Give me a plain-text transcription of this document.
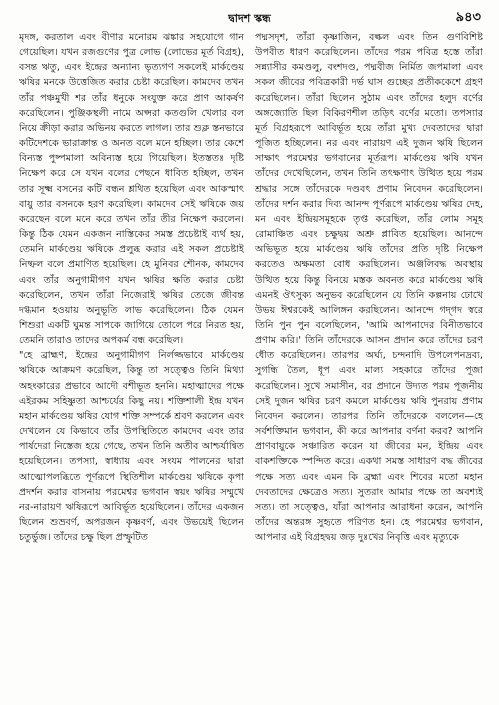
দ্বাদশ স্কন্ধ	৯৪৩

মৃদঙ্গ, করতাল এবং বীণার মনোরম ঝঙ্কার সহযোগে গান গেয়েছিল। যখন রজগুণের পুত্র লোভ (লোভের মূর্ত বিগ্রহ), বসন্ত ঋতু, এবং ইন্দ্রের অন্যান্য ভৃত্যগণ সকলেই মার্কণ্ডেয় ঋষির মনকে উত্তেজিত করার চেষ্টা করেছিল। কামদেব তখন তাঁর পঞ্চমুখী শর তাঁর ধনুকে সংযুক্ত করে প্রাণ আকর্ষণ করেছিলেন। পুঞ্জিকস্থলী নামে অপ্সরা কতগুলি খেলার বল নিয়ে ক্রীড়া করার অভিনয় করতে লাগল। তার শুক্ল স্তনভারে কটিদেশকে ভারাক্রান্ত ও অনত বলে মনে হচ্ছিল। তার কেশে বিন্যস্ত পুষ্পমালা অবিন্যস্ত হয়ে গিয়েছিল। ইতস্ততঃ দৃষ্টি নিক্ষেপ করে সে যখন বলের পেছনে ধাবিত হচ্ছিল, তখন তার সূক্ষ্ম বসনের কটি বন্ধন শ্লথিত হয়েছিল এবং আকস্মাৎ বায়ু তার বসনকে হরণ করেছিল। কামদেব সেই ঋষিকে জয় করেছেন বলে মনে করে তখন তাঁর তীর নিক্ষেপ করলেন। কিন্তু ঠিক যেমন একজন নাস্তিকের সমস্ত প্রচেষ্টাই ব্যর্থ হয়, তেমনি মার্কণ্ডেয় ঋষিকে প্রলুব্ধ করার এই সকল প্রচেষ্টাই নিষ্ফল বলে প্রমাণিত হয়েছিল। হে মুনিবর শৌনক, কামদেব এবং তাঁর অনুগামীগণ যখন ঋষির ক্ষতি করার চেষ্টা করেছিলেন, তখন তাঁরা নিজেরাই ঋষির তেজে জীবন্ত দগ্ধমান হওয়ায় অনুভূতি লাভ করেছিলেন। ঠিক যেমন শিশুরা একটি ঘুমন্ত সাপকে জাগিয়ে তোলে পরে নিরত হয়, তেমনি তারাও তাদের অপকর্ম বন্ধ করেছিল।

"হে ব্রাহ্মণ, ইন্দ্রের অনুগামীগণ নির্লজ্জভাবে মার্কণ্ডেয় ঋষিকে আক্রমণ করেছিল, কিন্তু তা সত্ত্বেও তিনি মিথ্যা অহংকারের প্রভাবে আদৌ বশীভূত হননি। মহাত্মাদের পক্ষে এইরকম সহিষ্ণুতা আশ্চর্যের কিছু নয়। শক্তিশালী ইন্দ্র যখন মহান মার্কণ্ডেয় ঋষির যোগ শক্তি সম্পর্কে শ্রবণ করলেন এবং দেখলেন যে কিভাবে তাঁর উপস্থিতিতে কামদেব এবং তার পার্ষদেরা নিস্তেজ হয়ে গেছে, তখন তিনি অতীব আশ্চর্যান্বিত হয়েছিলেন। তপস্যা, স্বাধ্যায় এবং সংযম পালনের দ্বারা আত্মোপলব্ধিতে পূর্ণরূপে স্থিতিশীল মার্কণ্ডেয় ঋষিকে কৃপা প্রদর্শন করার বাসনায় পরমেশ্বর ভগবান স্বয়ং ঋষির সম্মুখে নর-নারায়ণ ঋষিরূপে আবির্ভূত হয়েছিলেন। তাঁদের একজন ছিলেন শুভ্রবর্ণ, অপরজন কৃষ্ণবর্ণ, এবং উভয়েই ছিলেন চতুর্ভুজ। তাঁদের চক্ষু ছিল প্রস্ফুটিত

পদ্মসদৃশ, তাঁরা কৃষ্ণাজিন, বল্কল এবং তিন গুণবিশিষ্ট উপবীত ধারণ করেছিলেন। তাঁদের পরম পবিত্র হস্তে তাঁরা সন্ন্যাসীর কমণ্ডলু, বংশদণ্ড, পদ্মবীজ নির্মিত জপমালা এবং সকল জীবের পবিত্রকারী দর্ভ ঘাস গুচ্ছের প্রতীককেশে গ্রহণ করেছিলেন। তাঁরা ছিলেন সুঠাম এবং তাঁদের হলুদ বর্ণের অঙ্গজ্যোতি ছিল বিকিরণশীল তড়িৎ বর্ণের মতো। তপস্যার মূর্ত বিগ্রহরূপে আবির্ভূত হয়ে তাঁরা মুখ্য দেবতাদের দ্বারা পূজিত হচ্ছিলেন। নর এবং নারায়ণ এই দুজন ঋষি ছিলেন সাক্ষাৎ পরমেশ্বর ভগবানের মূর্তরূপ। মার্কণ্ডেয় ঋষি যখন তাঁদের দেখেছিলেন, তখন তিনি তৎক্ষণাৎ উত্থিত হয়ে পরম শ্রদ্ধার সঙ্গে তাঁদেরকে দণ্ডবৎ প্রণাম নিবেদন করেছিলেন। তাঁদের দর্শন করার দিব্য আনন্দ পূর্ণরূপে মার্কণ্ডেয় ঋষির দেহ, মন এবং ইন্দ্রিয়সমূহকে তৃপ্ত করেছিল, তাঁর লোম সমূহ রোমাঞ্চিত এবং চক্ষুদ্বয় অশ্রু প্লাবিত হয়েছিল। আনন্দে অভিভূত হয়ে মার্কণ্ডেয় ঋষি তাঁদের প্রতি দৃষ্টি নিক্ষেপ করতেও অক্ষমতা বোধ করছিলেন। অঞ্জলিবদ্ধ অবস্থায় উত্থিত হয়ে কিন্তু বিনয়ে মস্তক অবনত করে মার্কণ্ডেয় ঋষি এমনই ঔৎসুক্য অনুভব করেছিলেন যে তিনি কল্পনায় ঢোখে উভয় ঈশ্বরকেই আলিঙ্গন করছিলেন। আনন্দে গদ্‌গদ স্বরে তিনি পুন পুন বলেছিলেন, 'আমি আপনাদের বিনীতভাবে প্রণাম করি।' তিনি তাঁদেরকে আসন প্রদান করে তাঁদের চরণ ধৌত করেছিলেন। তারপর অর্ঘ্য, চন্দনাদি উপলেপনদ্রব্য, সুগন্ধি তৈল, ধূপ এবং মাল্য সহকারে তাঁদের পূজা করেছিলেন। সুখে সমাসীন, বর প্রদানে উদ্যত পরম পূজনীয় সেই দুজন ঋষির চরণ কমলে মার্কণ্ডেয় ঋষি পুনরায় প্রণাম নিবেদন করলেন। তারপর তিনি তাঁদেরকে বললেন—হে সর্বশক্তিমান ভগবান, কী করে আপনার বর্ণনা করব? আপনি প্রাণবায়ুকে সঞ্চারিত করেন যা জীবের মন, ইন্দ্রিয় এবং বাকশক্তিকে স্পন্দিত করে। একথা সমস্ত সাধারণ বদ্ধ জীবের পক্ষে সত্য এবং এমন কি ব্রহ্মা এবং শিবের মতো মহান দেবতাদের ক্ষেত্রেও সত্য। সুতরাং আমার পক্ষে তা অবশ্যই সত্য। তা সত্ত্বেও, যাঁরা আপনার আরাধনা করেন, আপনি তাঁদের অন্তরঙ্গ সুহৃতে পরিণত হন। হে পরমেশ্বর ভগবান, আপনার এই বিগ্রহদ্বয় জড় দুঃখের নিবৃত্তি এবং মৃত্যুকে
